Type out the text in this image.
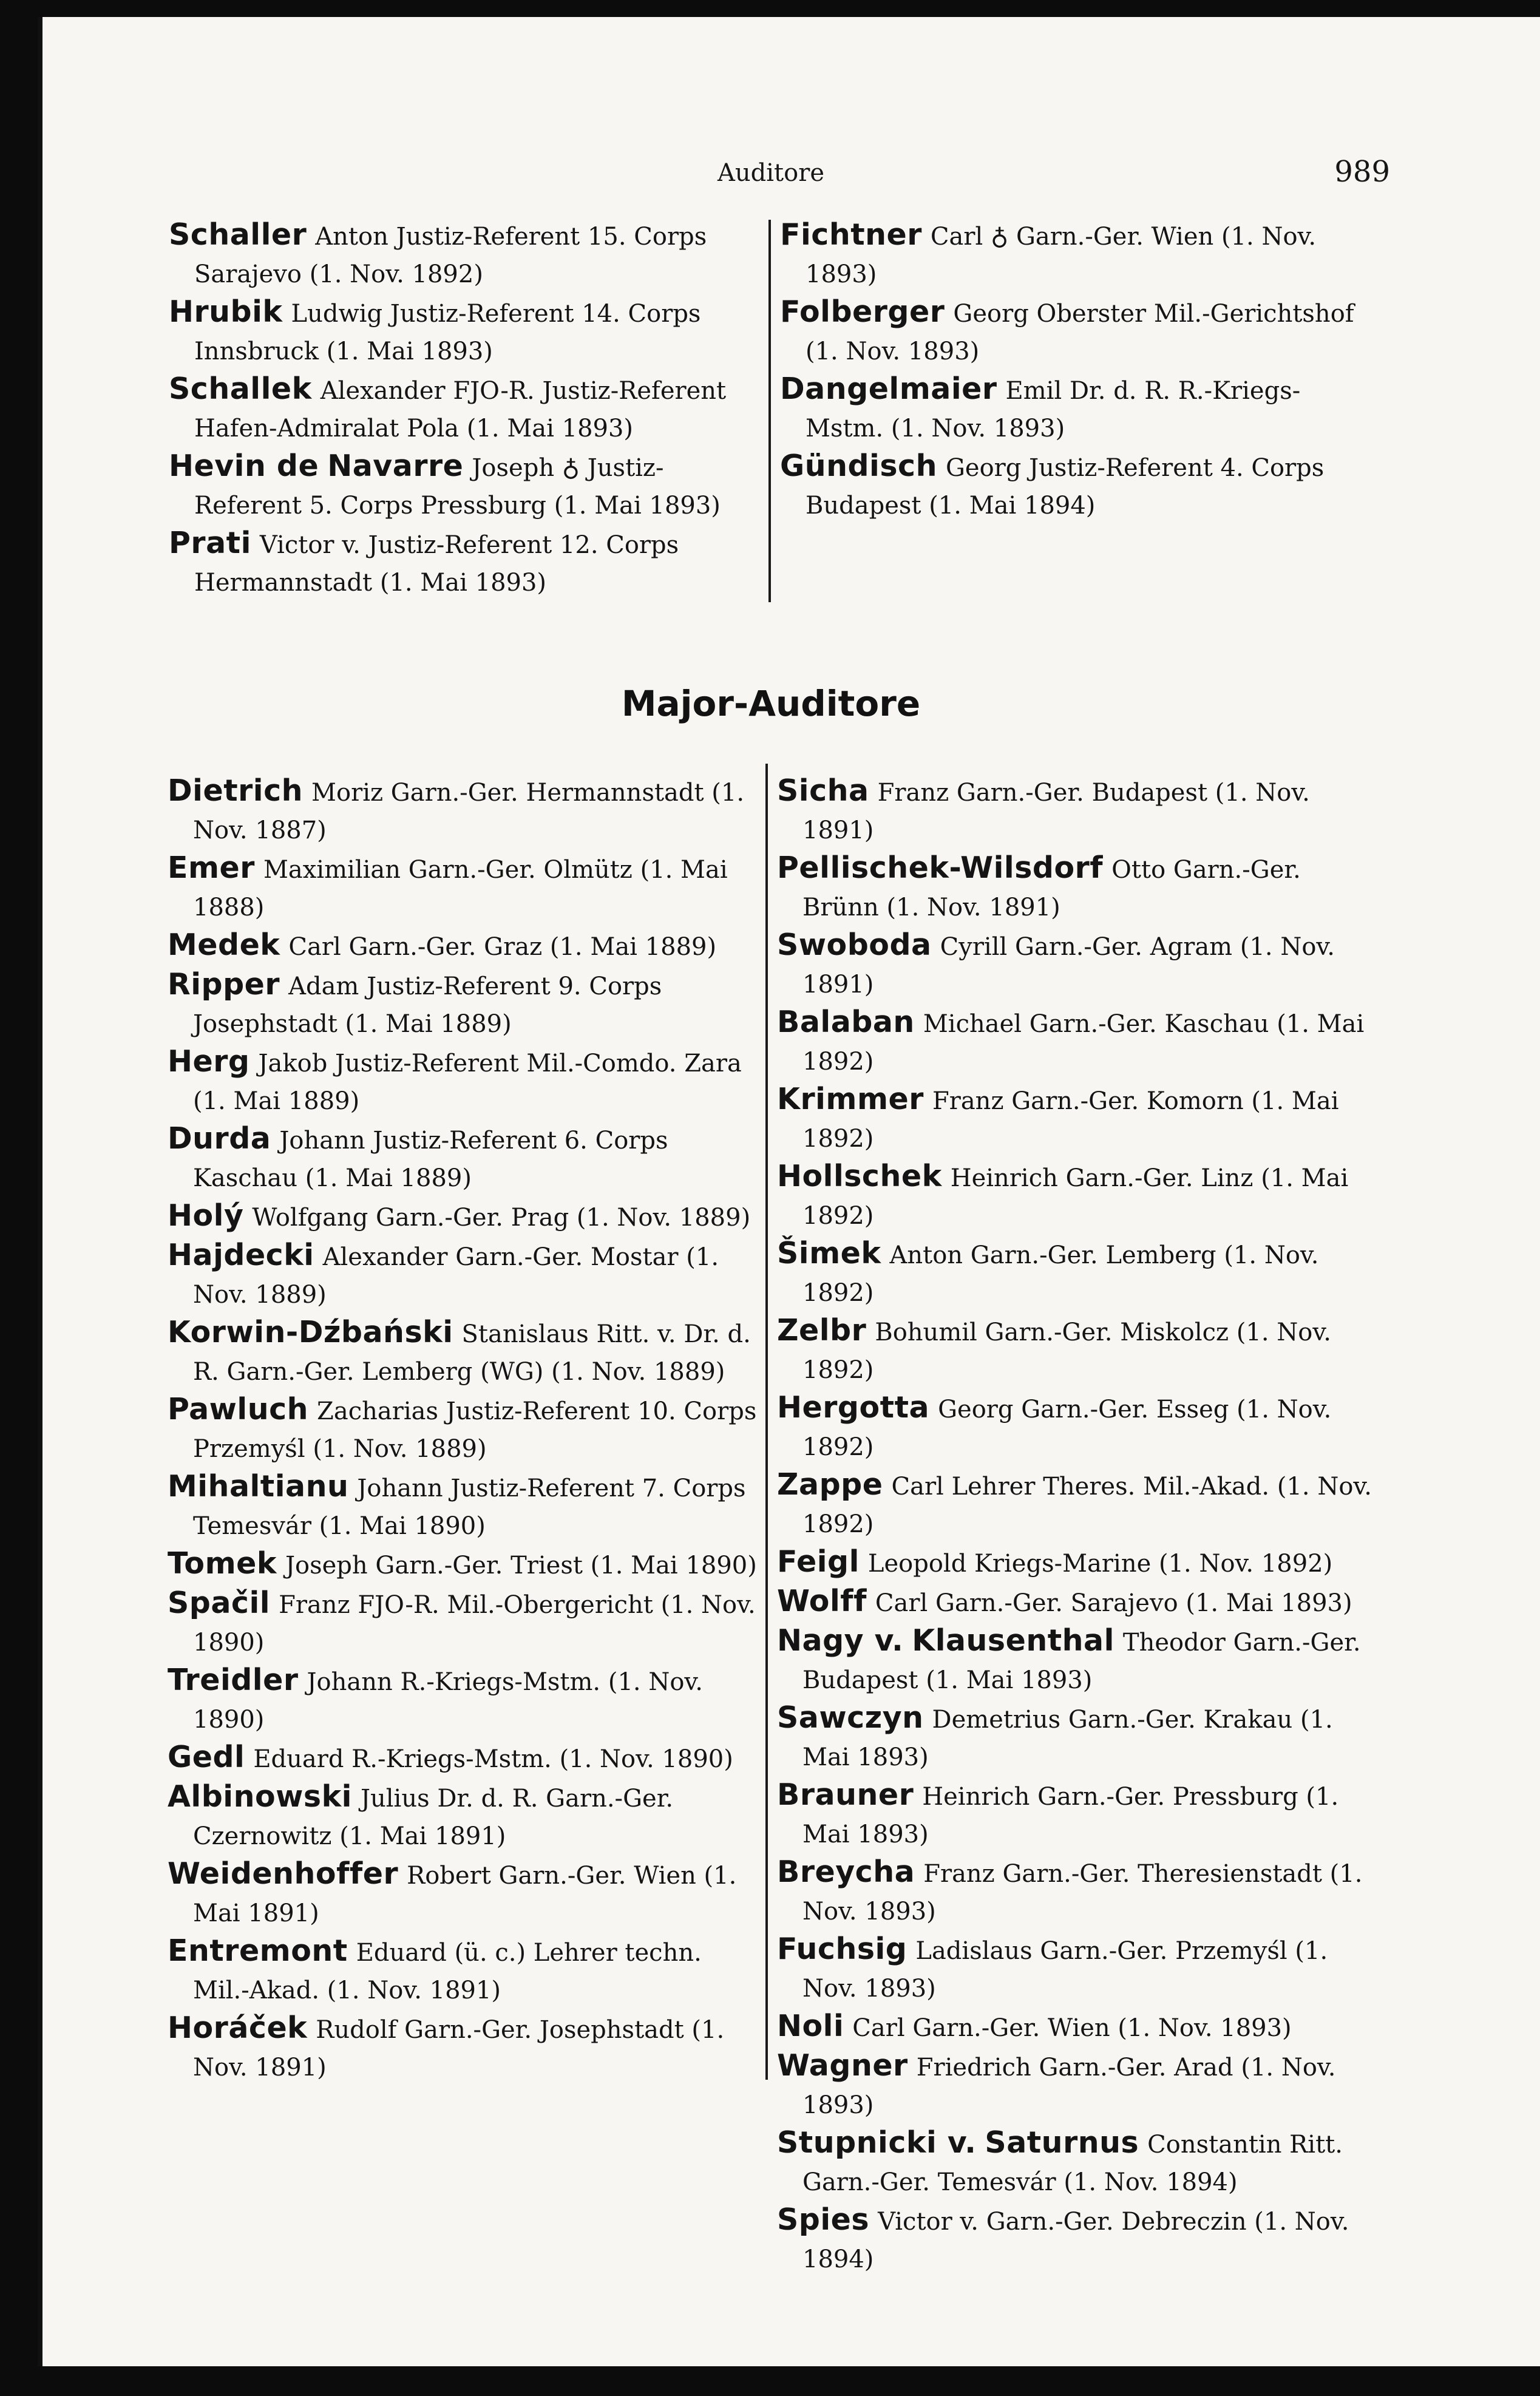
Auditore	989

Schaller Anton Justiz-Referent 15. Corps Sarajevo (1. Nov. 1892)

Hrubik Ludwig Justiz-Referent 14. Corps Innsbruck (1. Mai 1893)

Schallek Alexander FJO-R. Justiz-Referent Hafen-Admiralat Pola (1. Mai 1893)

Hevin de Navarre Joseph ♁ Justiz-Referent 5. Corps Pressburg (1. Mai 1893)

Prati Victor v. Justiz-Referent 12. Corps Hermannstadt (1. Mai 1893)

Fichtner Carl ♁ Garn.-Ger. Wien (1. Nov. 1893)

Folberger Georg Oberster Mil.-Gerichtshof (1. Nov. 1893)

Dangelmaier Emil Dr. d. R. R.-Kriegs-Mstm. (1. Nov. 1893)

Gündisch Georg Justiz-Referent 4. Corps Budapest (1. Mai 1894)

Major-Auditore

Dietrich Moriz Garn.-Ger. Hermannstadt (1. Nov. 1887)

Emer Maximilian Garn.-Ger. Olmütz (1. Mai 1888)

Medek Carl Garn.-Ger. Graz (1. Mai 1889)

Ripper Adam Justiz-Referent 9. Corps Josephstadt (1. Mai 1889)

Herg Jakob Justiz-Referent Mil.-Comdo. Zara (1. Mai 1889)

Durda Johann Justiz-Referent 6. Corps Kaschau (1. Mai 1889)

Holý Wolfgang Garn.-Ger. Prag (1. Nov. 1889)

Hajdecki Alexander Garn.-Ger. Mostar (1. Nov. 1889)

Korwin-Dźbański Stanislaus Ritt. v. Dr. d. R. Garn.-Ger. Lemberg (WG) (1. Nov. 1889)

Pawluch Zacharias Justiz-Referent 10. Corps Przemyśl (1. Nov. 1889)

Mihaltianu Johann Justiz-Referent 7. Corps Temesvár (1. Mai 1890)

Tomek Joseph Garn.-Ger. Triest (1. Mai 1890)

Spačil Franz FJO-R. Mil.-Obergericht (1. Nov. 1890)

Treidler Johann R.-Kriegs-Mstm. (1. Nov. 1890)

Gedl Eduard R.-Kriegs-Mstm. (1. Nov. 1890)

Albinowski Julius Dr. d. R. Garn.-Ger. Czernowitz (1. Mai 1891)

Weidenhoffer Robert Garn.-Ger. Wien (1. Mai 1891)

Entremont Eduard (ü. c.) Lehrer techn. Mil.-Akad. (1. Nov. 1891)

Horáček Rudolf Garn.-Ger. Josephstadt (1. Nov. 1891)

Sicha Franz Garn.-Ger. Budapest (1. Nov. 1891)

Pellischek-Wilsdorf Otto Garn.-Ger. Brünn (1. Nov. 1891)

Swoboda Cyrill Garn.-Ger. Agram (1. Nov. 1891)

Balaban Michael Garn.-Ger. Kaschau (1. Mai 1892)

Krimmer Franz Garn.-Ger. Komorn (1. Mai 1892)

Hollschek Heinrich Garn.-Ger. Linz (1. Mai 1892)

Šimek Anton Garn.-Ger. Lemberg (1. Nov. 1892)

Zelbr Bohumil Garn.-Ger. Miskolcz (1. Nov. 1892)

Hergotta Georg Garn.-Ger. Esseg (1. Nov. 1892)

Zappe Carl Lehrer Theres. Mil.-Akad. (1. Nov. 1892)

Feigl Leopold Kriegs-Marine (1. Nov. 1892)

Wolff Carl Garn.-Ger. Sarajevo (1. Mai 1893)

Nagy v. Klausenthal Theodor Garn.-Ger. Budapest (1. Mai 1893)

Sawczyn Demetrius Garn.-Ger. Krakau (1. Mai 1893)

Brauner Heinrich Garn.-Ger. Pressburg (1. Mai 1893)

Breycha Franz Garn.-Ger. Theresienstadt (1. Nov. 1893)

Fuchsig Ladislaus Garn.-Ger. Przemyśl (1. Nov. 1893)

Noli Carl Garn.-Ger. Wien (1. Nov. 1893)

Wagner Friedrich Garn.-Ger. Arad (1. Nov. 1893)

Stupnicki v. Saturnus Constantin Ritt. Garn.-Ger. Temesvár (1. Nov. 1894)

Spies Victor v. Garn.-Ger. Debreczin (1. Nov. 1894)
